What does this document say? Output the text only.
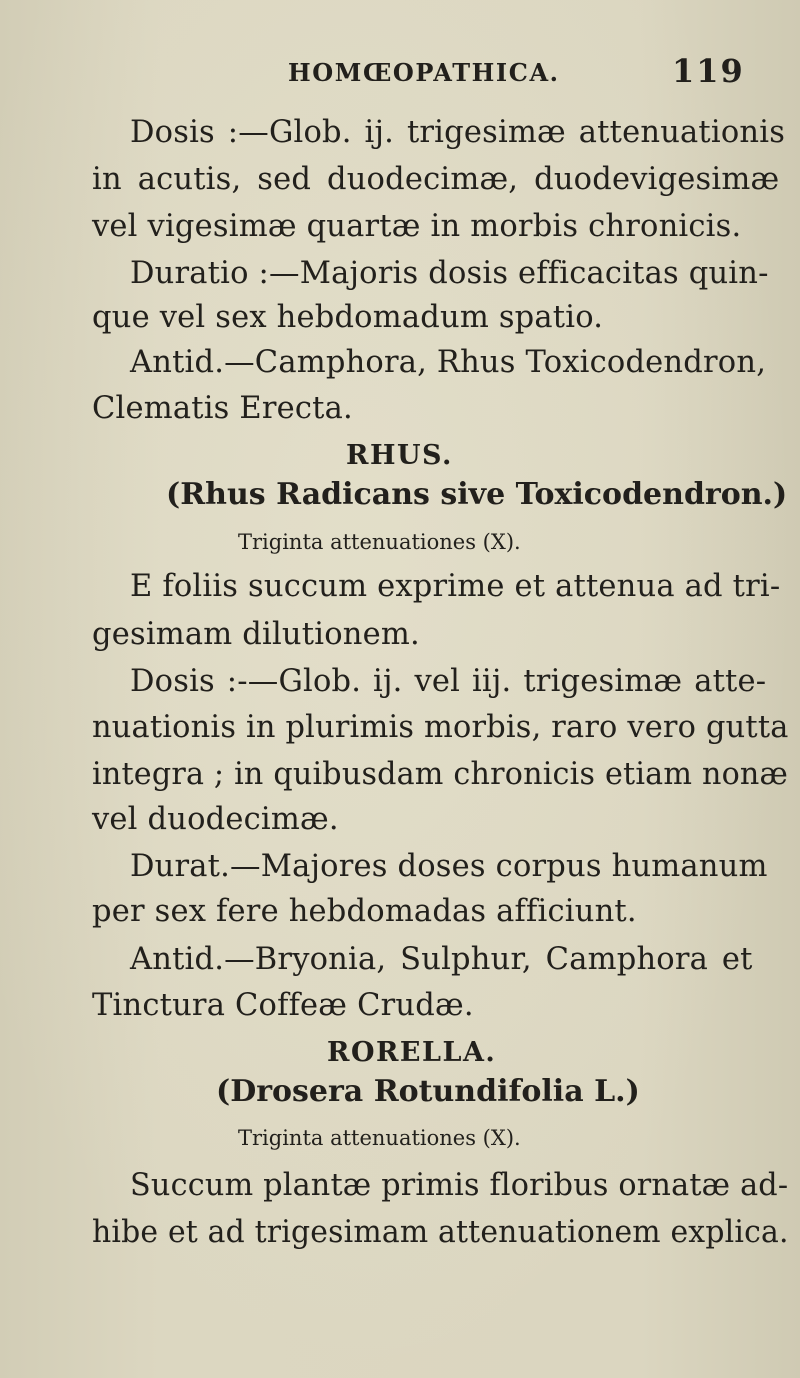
HOMŒOPATHICA.	119
Dosis :—Glob. ij. trigesimæ attenuationis
in acutis, sed duodecimæ, duodevigesimæ
vel vigesimæ quartæ in morbis chronicis.
Duratio :—Majoris dosis efficacitas quin-
que vel sex hebdomadum spatio.
Antid.—Camphora, Rhus Toxicodendron,
Clematis Erecta.
RHUS.
(Rhus Radicans sive Toxicodendron.)
Triginta attenuationes (X).
E foliis succum exprime et attenua ad tri-
gesimam dilutionem.
Dosis :-—Glob. ij. vel iij. trigesimæ atte-
nuationis in plurimis morbis, raro vero gutta
integra ; in quibusdam chronicis etiam nonæ
vel duodecimæ.
Durat.—Majores doses corpus humanum
per sex fere hebdomadas afficiunt.
Antid.—Bryonia, Sulphur, Camphora et
Tinctura Coffeæ Crudæ.
RORELLA.
(Drosera Rotundifolia L.)
Triginta attenuationes (X).
Succum plantæ primis floribus ornatæ ad-
hibe et ad trigesimam attenuationem explica.
